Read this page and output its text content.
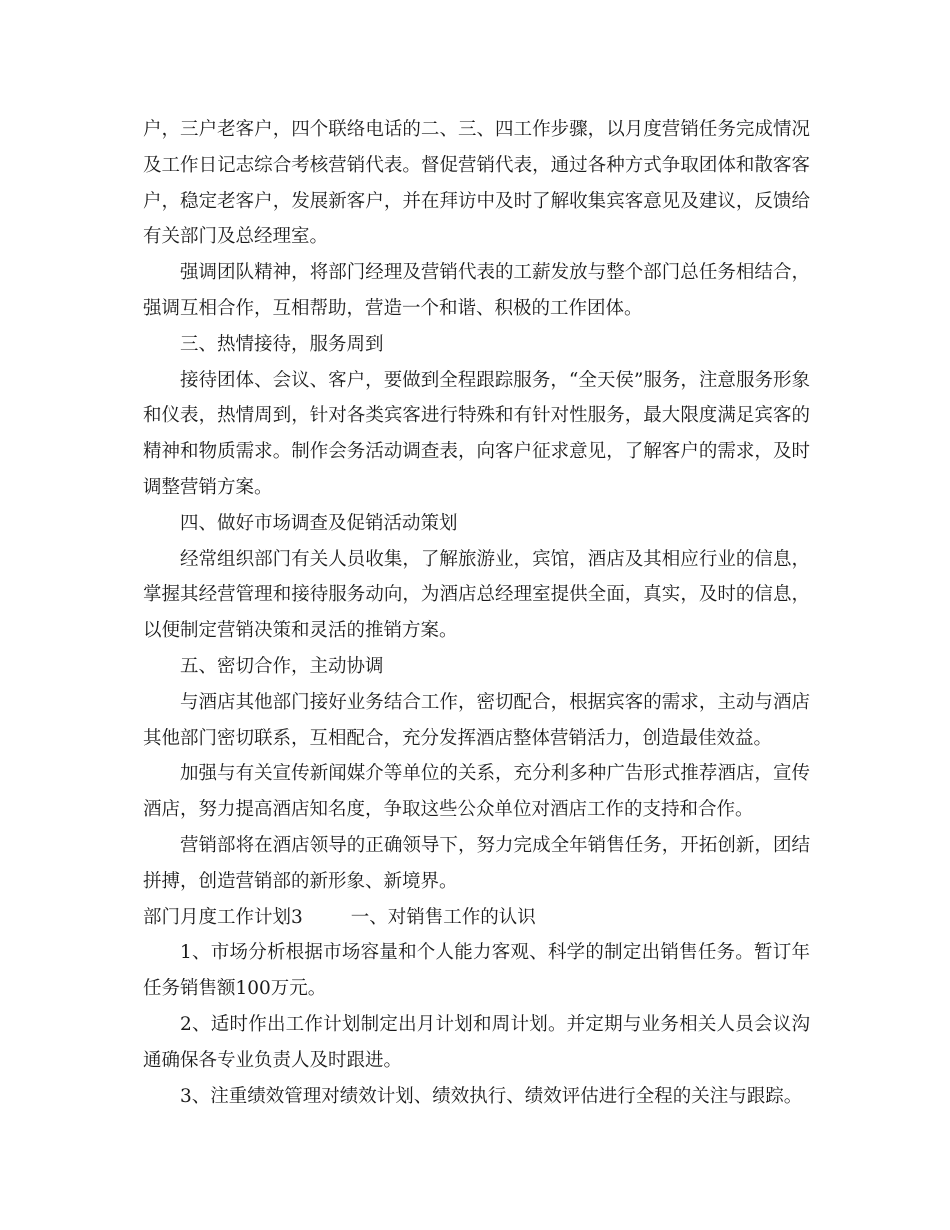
户，三户老客户，四个联络电话的二、三、四工作步骤，以月度营销任务完成情况及工作日记志综合考核营销代表。督促营销代表，通过各种方式争取团体和散客客户，稳定老客户，发展新客户，并在拜访中及时了解收集宾客意见及建议，反馈给有关部门及总经理室。

强调团队精神，将部门经理及营销代表的工薪发放与整个部门总任务相结合，强调互相合作，互相帮助，营造一个和谐、积极的工作团体。

三、热情接待，服务周到

接待团体、会议、客户，要做到全程跟踪服务，“全天侯”服务，注意服务形象和仪表，热情周到，针对各类宾客进行特殊和有针对性服务，最大限度满足宾客的精神和物质需求。制作会务活动调查表，向客户征求意见，了解客户的需求，及时调整营销方案。

四、做好市场调查及促销活动策划

经常组织部门有关人员收集，了解旅游业，宾馆，酒店及其相应行业的信息，掌握其经营管理和接待服务动向，为酒店总经理室提供全面，真实，及时的信息，以便制定营销决策和灵活的推销方案。

五、密切合作，主动协调

与酒店其他部门接好业务结合工作，密切配合，根据宾客的需求，主动与酒店其他部门密切联系，互相配合，充分发挥酒店整体营销活力，创造最佳效益。

加强与有关宣传新闻媒介等单位的关系，充分利多种广告形式推荐酒店，宣传酒店，努力提高酒店知名度，争取这些公众单位对酒店工作的支持和合作。

营销部将在酒店领导的正确领导下，努力完成全年销售任务，开拓创新，团结拼搏，创造营销部的新形象、新境界。

部门月度工作计划3	一、对销售工作的认识

1、市场分析根据市场容量和个人能力客观、科学的制定出销售任务。暂订年任务销售额100万元。

2、适时作出工作计划制定出月计划和周计划。并定期与业务相关人员会议沟通确保各专业负责人及时跟进。

3、注重绩效管理对绩效计划、绩效执行、绩效评估进行全程的关注与跟踪。
